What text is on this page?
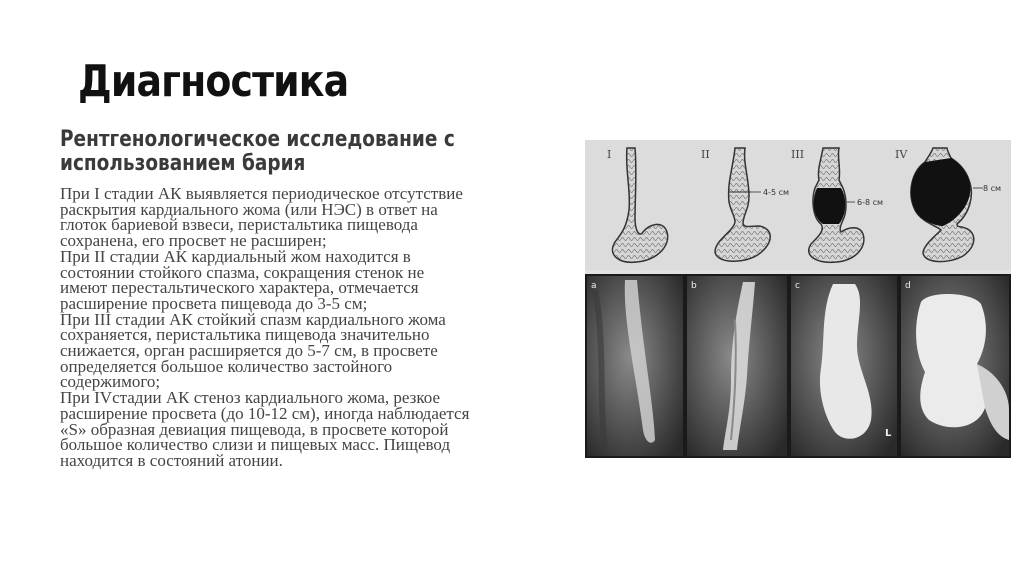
Диагностика
Рентгенологическое исследование с
использованием бария
При I стадии АК выявляется периодическое отсутствие
раскрытия кардиального жома (или НЭС) в ответ на
глоток бариевой взвеси, перистальтика пищевода
сохранена, его просвет не расширен;
При II стадии АК кардиальный жом находится в
состоянии стойкого спазма, сокращения стенок не
имеют перестальтического характера, отмечается
расширение просвета пищевода до 3-5 см;
При III стадии АК стойкий спазм кардиального жома
сохраняется, перистальтика пищевода значительно
снижается, орган расширяется до 5-7 см, в просвете
определяется большое количество застойного
содержимого;
При IVстадии АК стеноз кардиального жома, резкое
расширение просвета (до 10-12 см), иногда наблюдается
«S» образная девиация пищевода, в просвете которой
большое количество слизи и пищевых масс. Пищевод
находится в состояний атонии.
I	II	III	IV
4-5 см
6-8 см
8 см
a	b	c	d
L
